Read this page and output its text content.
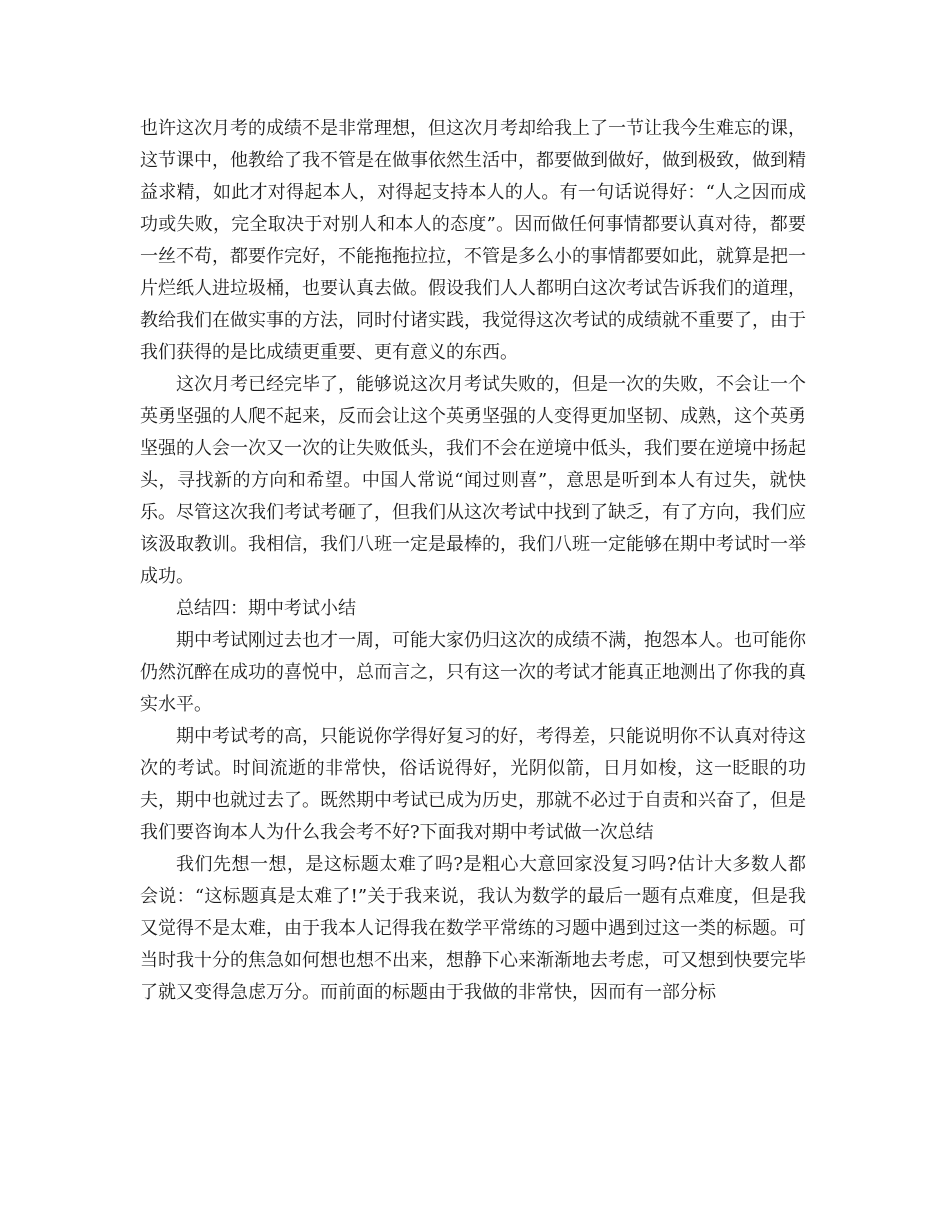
也许这次月考的成绩不是非常理想，但这次月考却给我上了一节让我今生难忘的课，这节课中，他教给了我不管是在做事依然生活中，都要做到做好，做到极致，做到精益求精，如此才对得起本人，对得起支持本人的人。有一句话说得好：“人之因而成功或失败，完全取决于对别人和本人的态度”。因而做任何事情都要认真对待，都要一丝不苟，都要作完好，不能拖拖拉拉，不管是多么小的事情都要如此，就算是把一片烂纸人进垃圾桶，也要认真去做。假设我们人人都明白这次考试告诉我们的道理，教给我们在做实事的方法，同时付诸实践，我觉得这次考试的成绩就不重要了，由于我们获得的是比成绩更重要、更有意义的东西。

这次月考已经完毕了，能够说这次月考试失败的，但是一次的失败，不会让一个英勇坚强的人爬不起来，反而会让这个英勇坚强的人变得更加坚韧、成熟，这个英勇坚强的人会一次又一次的让失败低头，我们不会在逆境中低头，我们要在逆境中扬起头，寻找新的方向和希望。中国人常说“闻过则喜”，意思是听到本人有过失，就快乐。尽管这次我们考试考砸了，但我们从这次考试中找到了缺乏，有了方向，我们应该汲取教训。我相信，我们八班一定是最棒的，我们八班一定能够在期中考试时一举成功。

总结四：期中考试小结

期中考试刚过去也才一周，可能大家仍归这次的成绩不满，抱怨本人。也可能你仍然沉醉在成功的喜悦中，总而言之，只有这一次的考试才能真正地测出了你我的真实水平。

期中考试考的高，只能说你学得好复习的好，考得差，只能说明你不认真对待这次的考试。时间流逝的非常快，俗话说得好，光阴似箭，日月如梭，这一眨眼的功夫，期中也就过去了。既然期中考试已成为历史，那就不必过于自责和兴奋了，但是我们要咨询本人为什么我会考不好?下面我对期中考试做一次总结

我们先想一想，是这标题太难了吗?是粗心大意回家没复习吗?估计大多数人都会说：“这标题真是太难了!”关于我来说，我认为数学的最后一题有点难度，但是我又觉得不是太难，由于我本人记得我在数学平常练的习题中遇到过这一类的标题。可当时我十分的焦急如何想也想不出来，想静下心来渐渐地去考虑，可又想到快要完毕了就又变得急虑万分。而前面的标题由于我做的非常快，因而有一部分标
